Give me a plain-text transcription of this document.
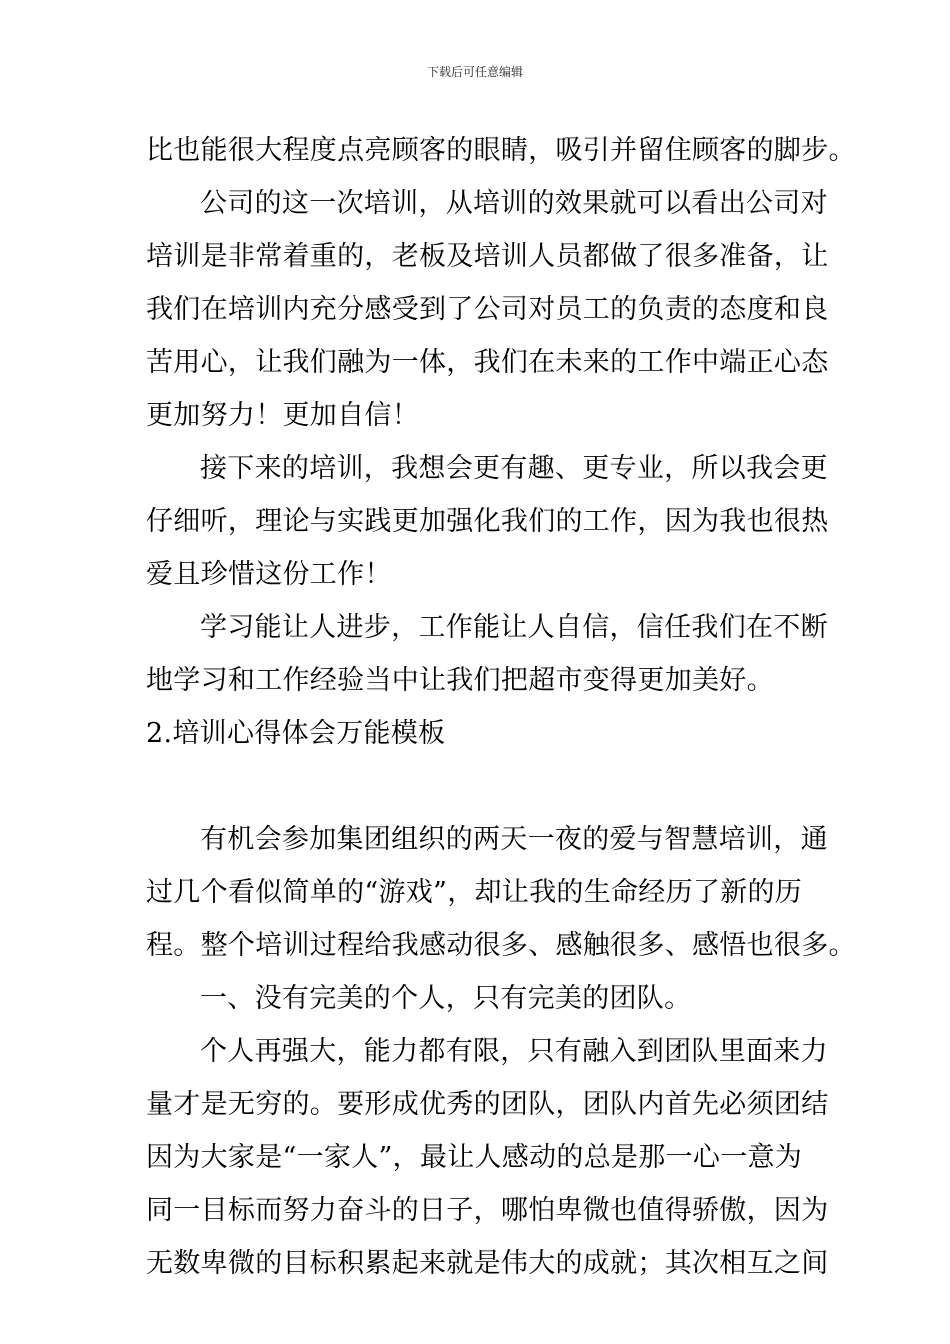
下载后可任意编辑
比也能很大程度点亮顾客的眼睛，吸引并留住顾客的脚步。
公司的这一次培训，从培训的效果就可以看出公司对
培训是非常着重的，老板及培训人员都做了很多准备，让
我们在培训内充分感受到了公司对员工的负责的态度和良
苦用心，让我们融为一体，我们在未来的工作中端正心态
更加努力！更加自信！
接下来的培训，我想会更有趣、更专业，所以我会更
仔细听，理论与实践更加强化我们的工作，因为我也很热
爱且珍惜这份工作！
学习能让人进步，工作能让人自信，信任我们在不断
地学习和工作经验当中让我们把超市变得更加美好。
2.培训心得体会万能模板
有机会参加集团组织的两天一夜的爱与智慧培训，通
过几个看似简单的“游戏”，却让我的生命经历了新的历
程。整个培训过程给我感动很多、感触很多、感悟也很多。
一、没有完美的个人，只有完美的团队。
个人再强大，能力都有限，只有融入到团队里面来力
量才是无穷的。要形成优秀的团队，团队内首先必须团结
因为大家是“一家人”，最让人感动的总是那一心一意为
同一目标而努力奋斗的日子，哪怕卑微也值得骄傲，因为
无数卑微的目标积累起来就是伟大的成就；其次相互之间
